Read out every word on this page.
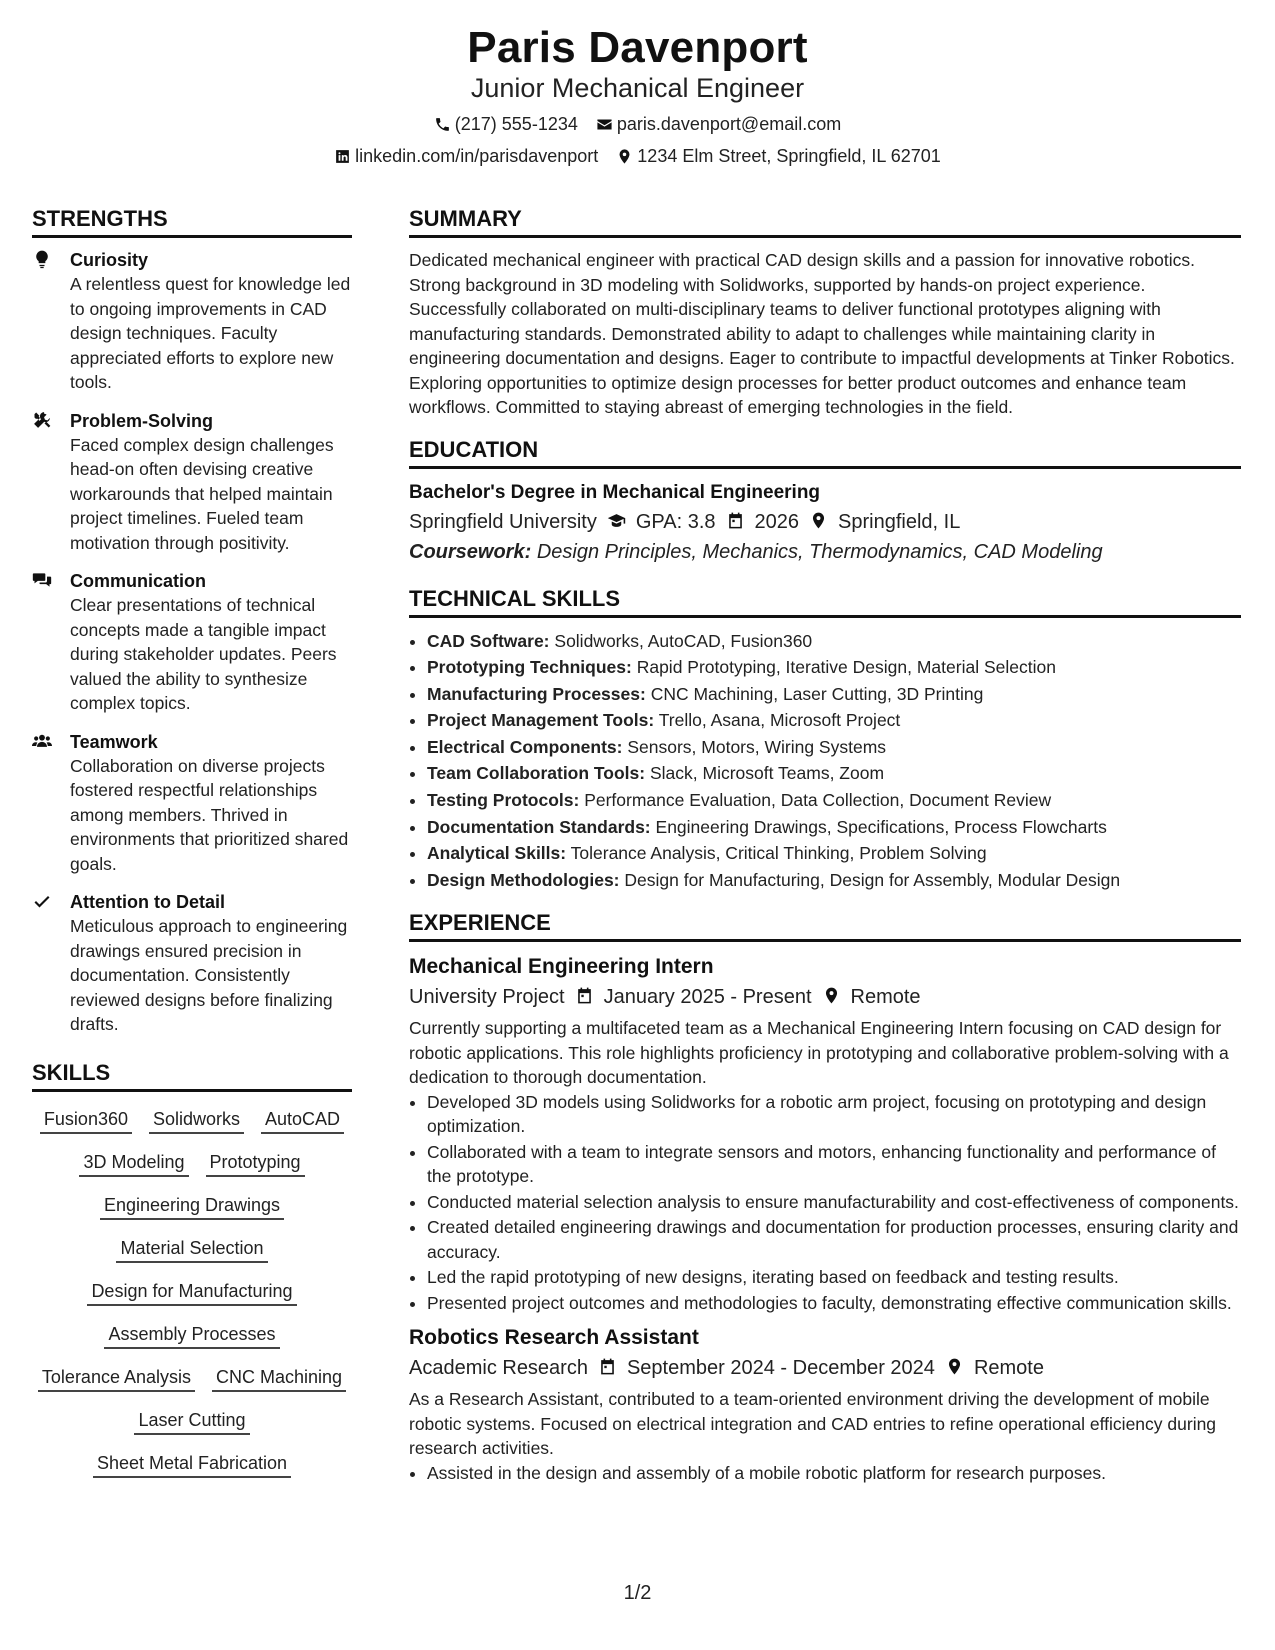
Paris Davenport
Junior Mechanical Engineer
(217) 555-1234 paris.davenport@email.com
linkedin.com/in/parisdavenport 1234 Elm Street, Springfield, IL 62701
STRENGTHS
Curiosity
A relentless quest for knowledge led to ongoing improvements in CAD design techniques. Faculty appreciated efforts to explore new tools.
Problem-Solving
Faced complex design challenges head-on often devising creative workarounds that helped maintain project timelines. Fueled team motivation through positivity.
Communication
Clear presentations of technical concepts made a tangible impact during stakeholder updates. Peers valued the ability to synthesize complex topics.
Teamwork
Collaboration on diverse projects fostered respectful relationships among members. Thrived in environments that prioritized shared goals.
Attention to Detail
Meticulous approach to engineering drawings ensured precision in documentation. Consistently reviewed designs before finalizing drafts.
SKILLS
Fusion360 Solidworks AutoCAD
3D Modeling Prototyping
Engineering Drawings
Material Selection
Design for Manufacturing
Assembly Processes
Tolerance Analysis CNC Machining
Laser Cutting
Sheet Metal Fabrication
SUMMARY
Dedicated mechanical engineer with practical CAD design skills and a passion for innovative robotics. Strong background in 3D modeling with Solidworks, supported by hands-on project experience. Successfully collaborated on multi-disciplinary teams to deliver functional prototypes aligning with manufacturing standards. Demonstrated ability to adapt to challenges while maintaining clarity in engineering documentation and designs. Eager to contribute to impactful developments at Tinker Robotics. Exploring opportunities to optimize design processes for better product outcomes and enhance team workflows. Committed to staying abreast of emerging technologies in the field.
EDUCATION
Bachelor's Degree in Mechanical Engineering
Springfield University GPA: 3.8 2026 Springfield, IL
Coursework: Design Principles, Mechanics, Thermodynamics, CAD Modeling
TECHNICAL SKILLS
• CAD Software: Solidworks, AutoCAD, Fusion360
• Prototyping Techniques: Rapid Prototyping, Iterative Design, Material Selection
• Manufacturing Processes: CNC Machining, Laser Cutting, 3D Printing
• Project Management Tools: Trello, Asana, Microsoft Project
• Electrical Components: Sensors, Motors, Wiring Systems
• Team Collaboration Tools: Slack, Microsoft Teams, Zoom
• Testing Protocols: Performance Evaluation, Data Collection, Document Review
• Documentation Standards: Engineering Drawings, Specifications, Process Flowcharts
• Analytical Skills: Tolerance Analysis, Critical Thinking, Problem Solving
• Design Methodologies: Design for Manufacturing, Design for Assembly, Modular Design
EXPERIENCE
Mechanical Engineering Intern
University Project January 2025 - Present Remote
Currently supporting a multifaceted team as a Mechanical Engineering Intern focusing on CAD design for robotic applications. This role highlights proficiency in prototyping and collaborative problem-solving with a dedication to thorough documentation.
• Developed 3D models using Solidworks for a robotic arm project, focusing on prototyping and design optimization.
• Collaborated with a team to integrate sensors and motors, enhancing functionality and performance of the prototype.
• Conducted material selection analysis to ensure manufacturability and cost-effectiveness of components.
• Created detailed engineering drawings and documentation for production processes, ensuring clarity and accuracy.
• Led the rapid prototyping of new designs, iterating based on feedback and testing results.
• Presented project outcomes and methodologies to faculty, demonstrating effective communication skills.
Robotics Research Assistant
Academic Research September 2024 - December 2024 Remote
As a Research Assistant, contributed to a team-oriented environment driving the development of mobile robotic systems. Focused on electrical integration and CAD entries to refine operational efficiency during research activities.
• Assisted in the design and assembly of a mobile robotic platform for research purposes.
1/2
